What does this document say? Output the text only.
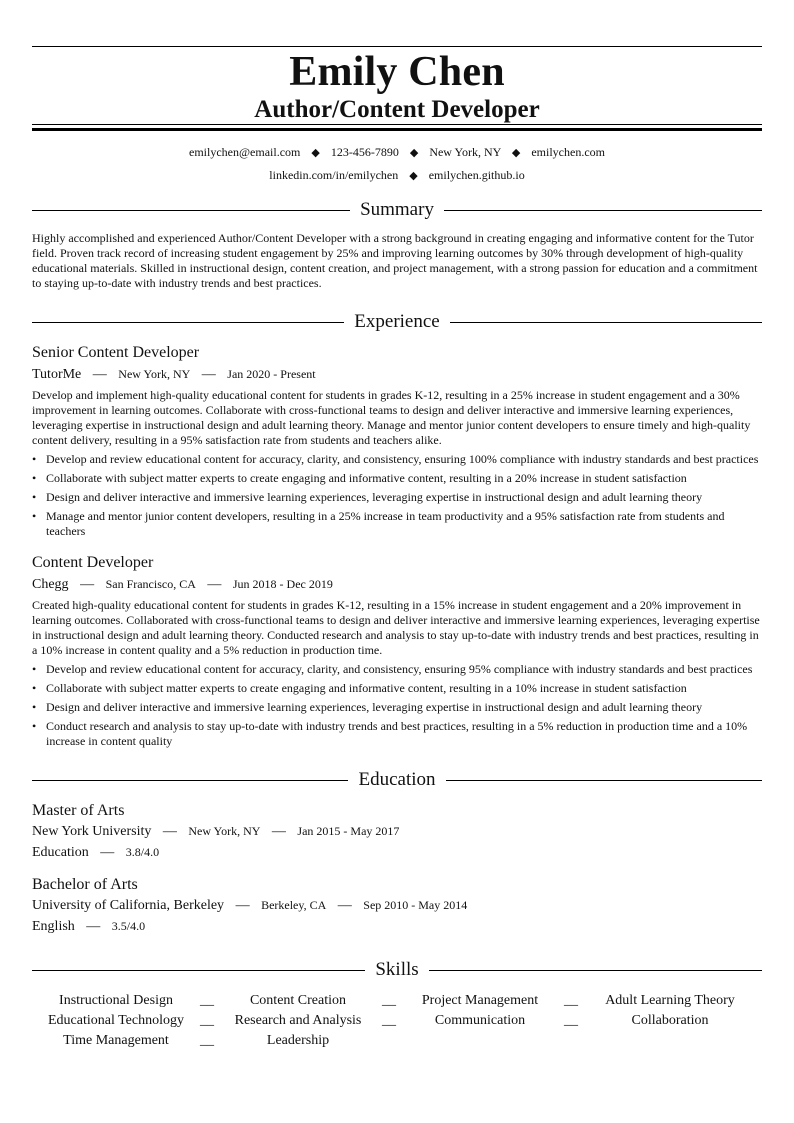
Emily Chen
Author/Content Developer
emilychen@email.com ◆ 123-456-7890 ◆ New York, NY ◆ emilychen.com
linkedin.com/in/emilychen ◆ emilychen.github.io
Summary

Highly accomplished and experienced Author/Content Developer with a strong background in creating engaging and informative content for the Tutor field. Proven track record of increasing student engagement by 25% and improving learning outcomes by 30% through development of high-quality educational materials. Skilled in instructional design, content creation, and project management, with a strong passion for education and a commitment to staying up-to-date with industry trends and best practices.

Experience
Senior Content Developer
TutorMe — New York, NY — Jan 2020 - Present
Develop and implement high-quality educational content for students in grades K-12, resulting in a 25% increase in student engagement and a 30% improvement in learning outcomes. Collaborate with cross-functional teams to design and deliver interactive and immersive learning experiences, leveraging expertise in instructional design and adult learning theory. Manage and mentor junior content developers to ensure timely and high-quality content delivery, resulting in a 95% satisfaction rate from students and teachers alike.
• Develop and review educational content for accuracy, clarity, and consistency, ensuring 100% compliance with industry standards and best practices
• Collaborate with subject matter experts to create engaging and informative content, resulting in a 20% increase in student satisfaction
• Design and deliver interactive and immersive learning experiences, leveraging expertise in instructional design and adult learning theory
• Manage and mentor junior content developers, resulting in a 25% increase in team productivity and a 95% satisfaction rate from students and teachers
Content Developer
Chegg — San Francisco, CA — Jun 2018 - Dec 2019
Created high-quality educational content for students in grades K-12, resulting in a 15% increase in student engagement and a 20% improvement in learning outcomes. Collaborated with cross-functional teams to design and deliver interactive and immersive learning experiences, leveraging expertise in instructional design and adult learning theory. Conducted research and analysis to stay up-to-date with industry trends and best practices, resulting in a 10% increase in content quality and a 5% reduction in production time.
• Develop and review educational content for accuracy, clarity, and consistency, ensuring 95% compliance with industry standards and best practices
• Collaborate with subject matter experts to create engaging and informative content, resulting in a 10% increase in student satisfaction
• Design and deliver interactive and immersive learning experiences, leveraging expertise in instructional design and adult learning theory
• Conduct research and analysis to stay up-to-date with industry trends and best practices, resulting in a 5% reduction in production time and a 10% increase in content quality
Education
Master of Arts
New York University — New York, NY — Jan 2015 - May 2017
Education — 3.8/4.0
Bachelor of Arts
University of California, Berkeley — Berkeley, CA — Sep 2010 - May 2014
English — 3.5/4.0
Skills
Instructional Design	__	Content Creation	__	Project Management	__	Adult Learning Theory
Educational Technology	__	Research and Analysis	__	Communication	__	Collaboration
Time Management	__	Leadership
